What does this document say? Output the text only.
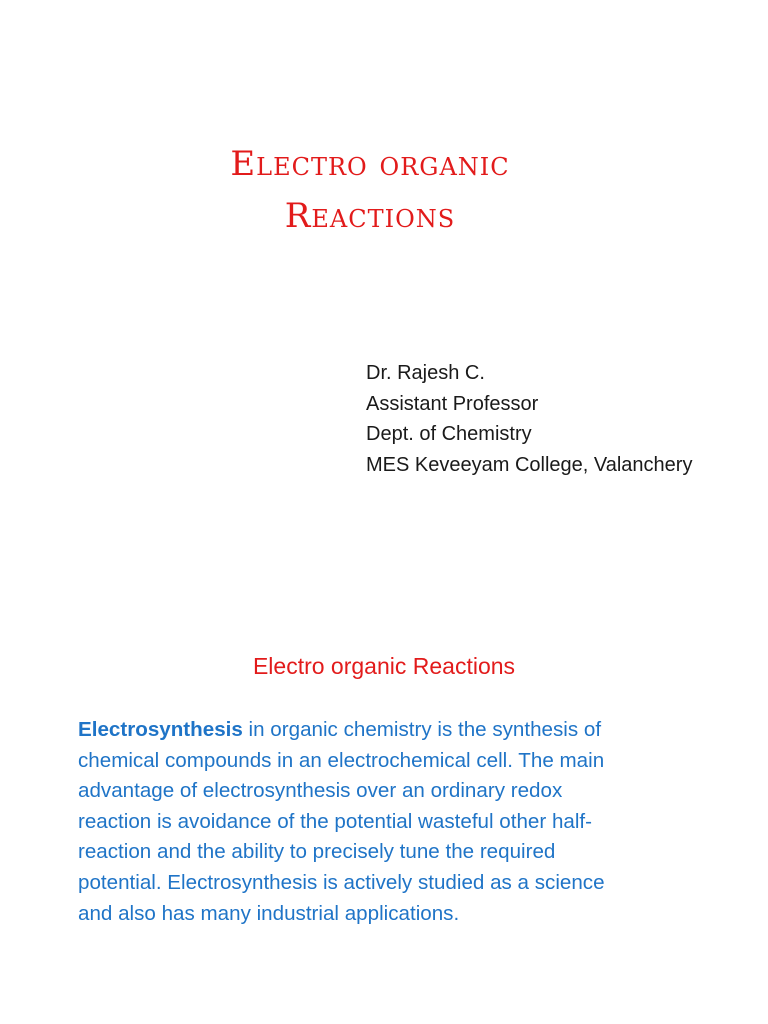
Electro organic
Reactions
Dr. Rajesh C.
Assistant Professor
Dept. of Chemistry
MES Keveeyam College, Valanchery
Electro organic Reactions
Electrosynthesis in organic chemistry is the synthesis of
chemical compounds in an electrochemical cell. The main
advantage of electrosynthesis over an ordinary redox
reaction is avoidance of the potential wasteful other half-
reaction and the ability to precisely tune the required
potential. Electrosynthesis is actively studied as a science
and also has many industrial applications.
